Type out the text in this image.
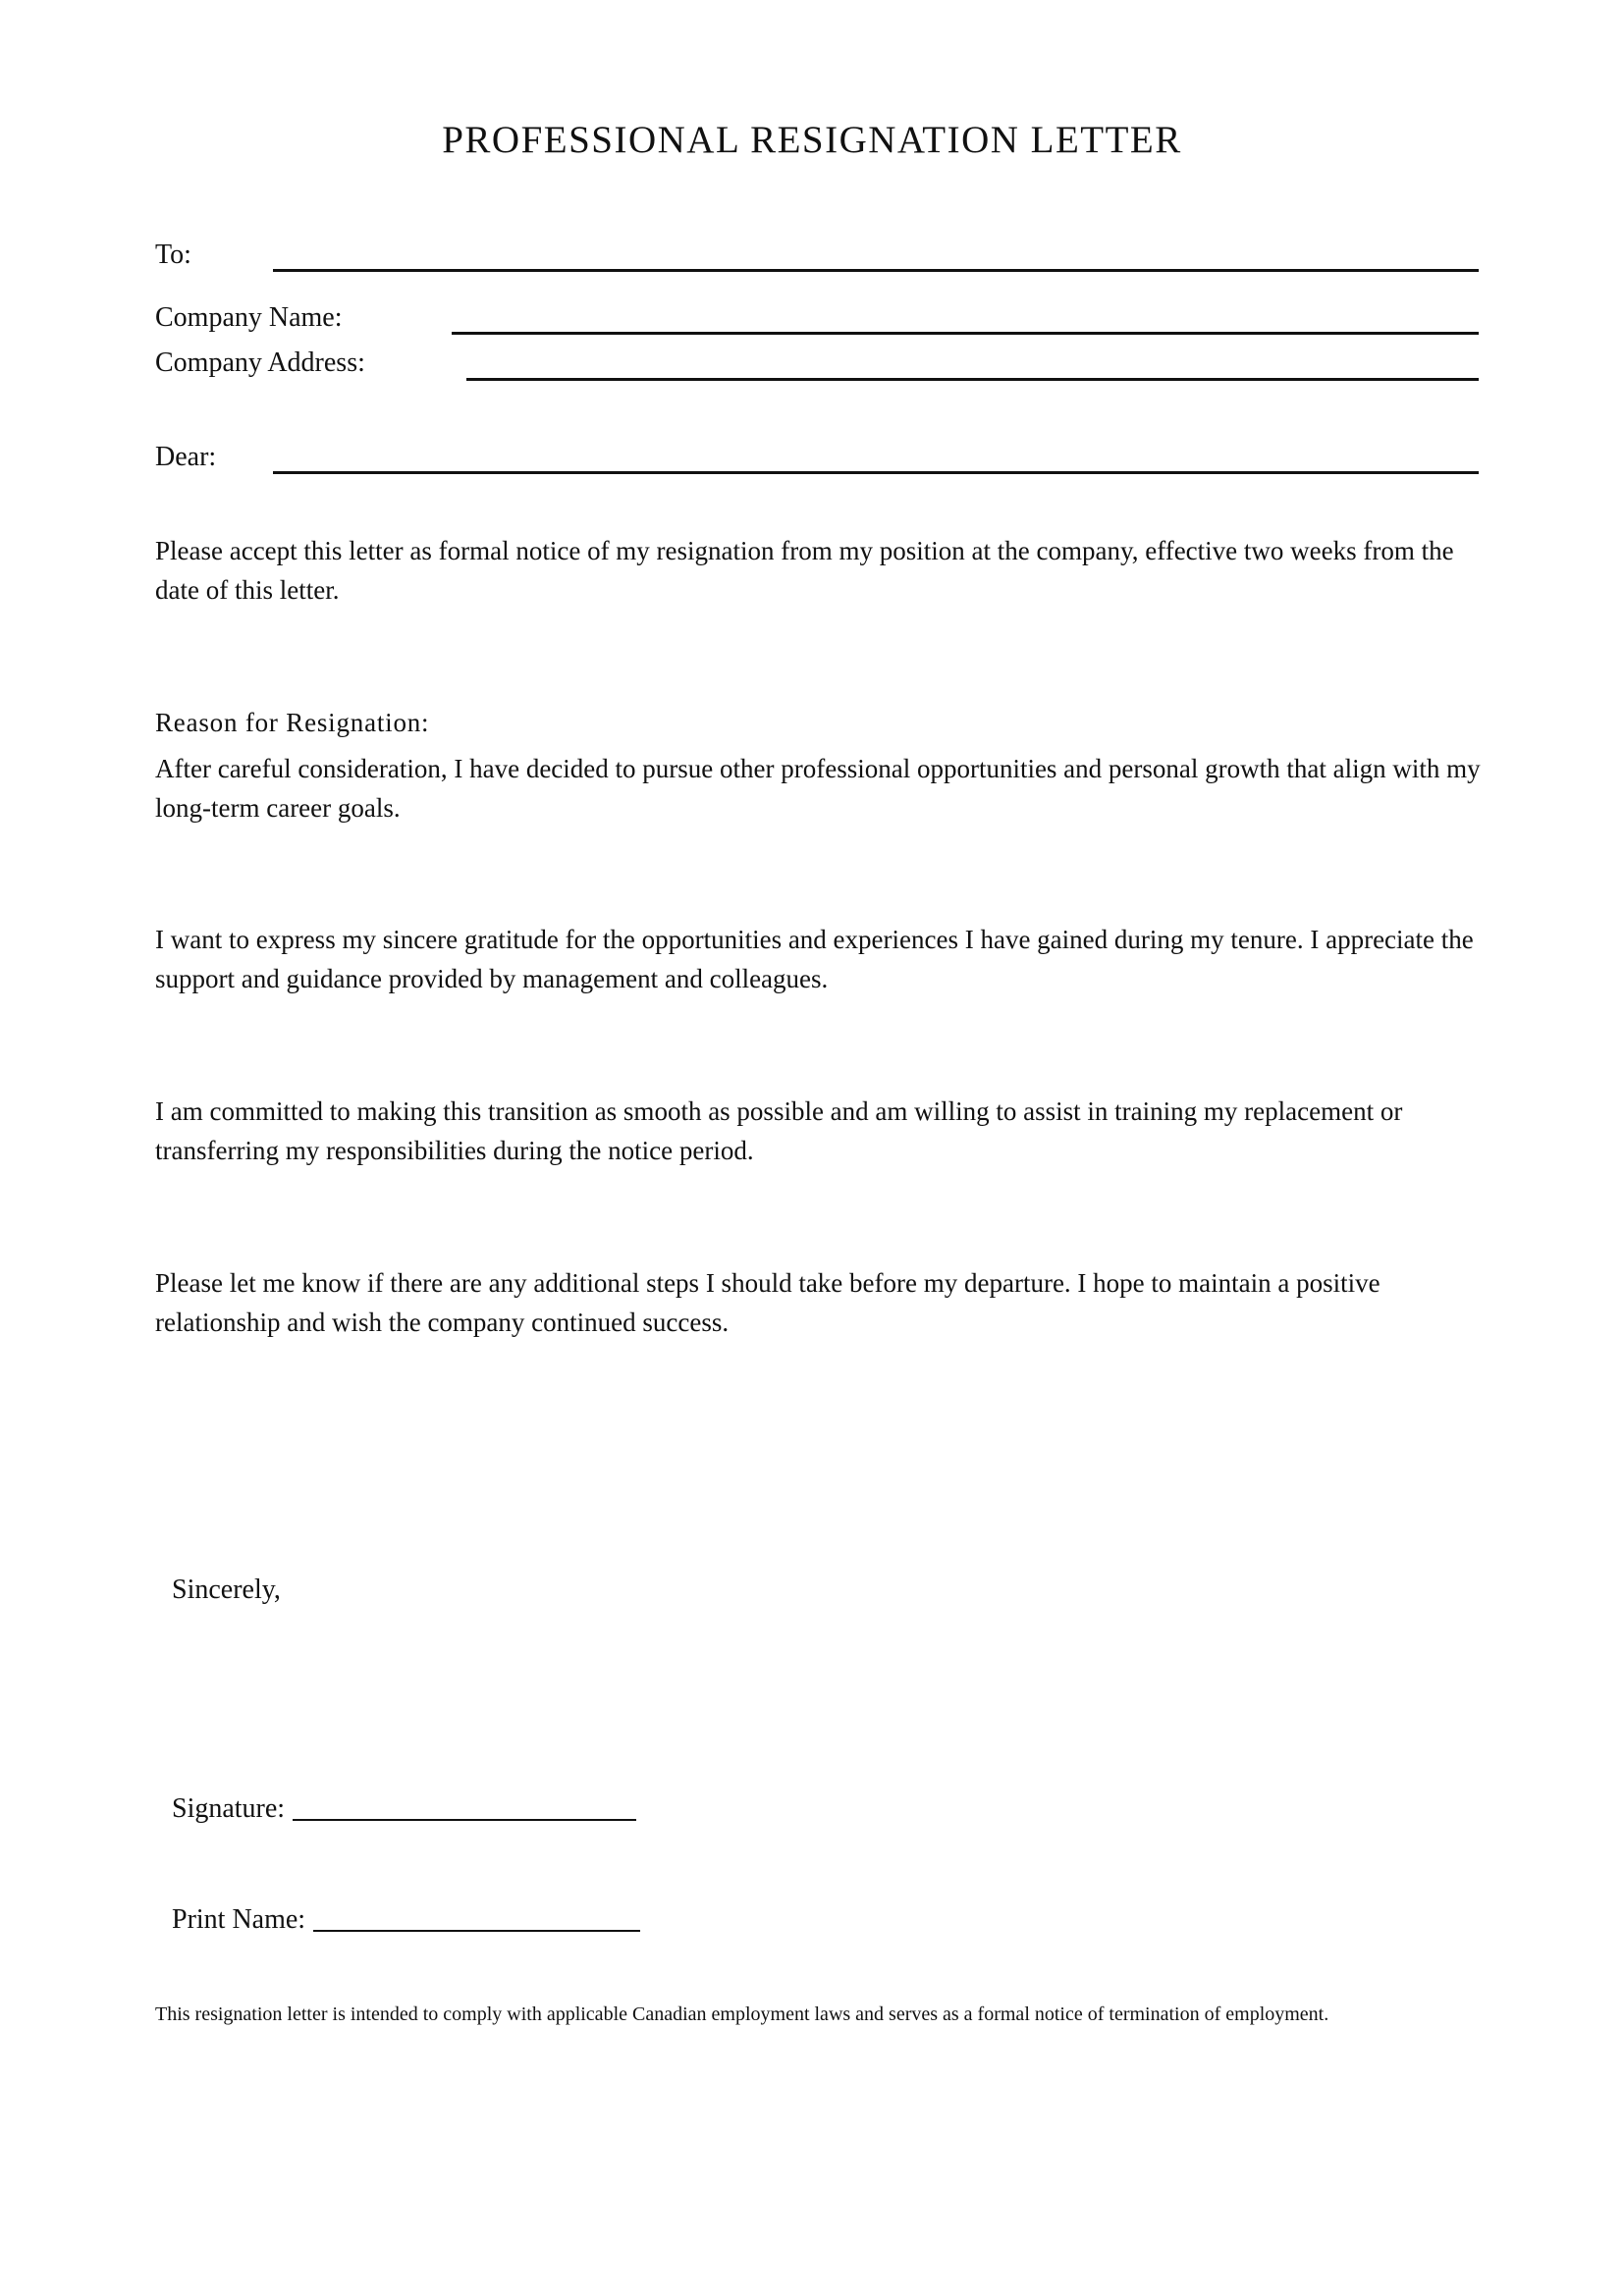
PROFESSIONAL RESIGNATION LETTER
To:
Company Name:
Company Address:
Dear:

Please accept this letter as formal notice of my resignation from my position at the company, effective two weeks from the date of this letter.

Reason for Resignation:

After careful consideration, I have decided to pursue other professional opportunities and personal growth that align with my long-term career goals.

I want to express my sincere gratitude for the opportunities and experiences I have gained during my tenure. I appreciate the support and guidance provided by management and colleagues.

I am committed to making this transition as smooth as possible and am willing to assist in training my replacement or transferring my responsibilities during the notice period.

Please let me know if there are any additional steps I should take before my departure. I hope to maintain a positive relationship and wish the company continued success.

Sincerely,
Signature:
Print Name:
This resignation letter is intended to comply with applicable Canadian employment laws and serves as a formal notice of termination of employment.
